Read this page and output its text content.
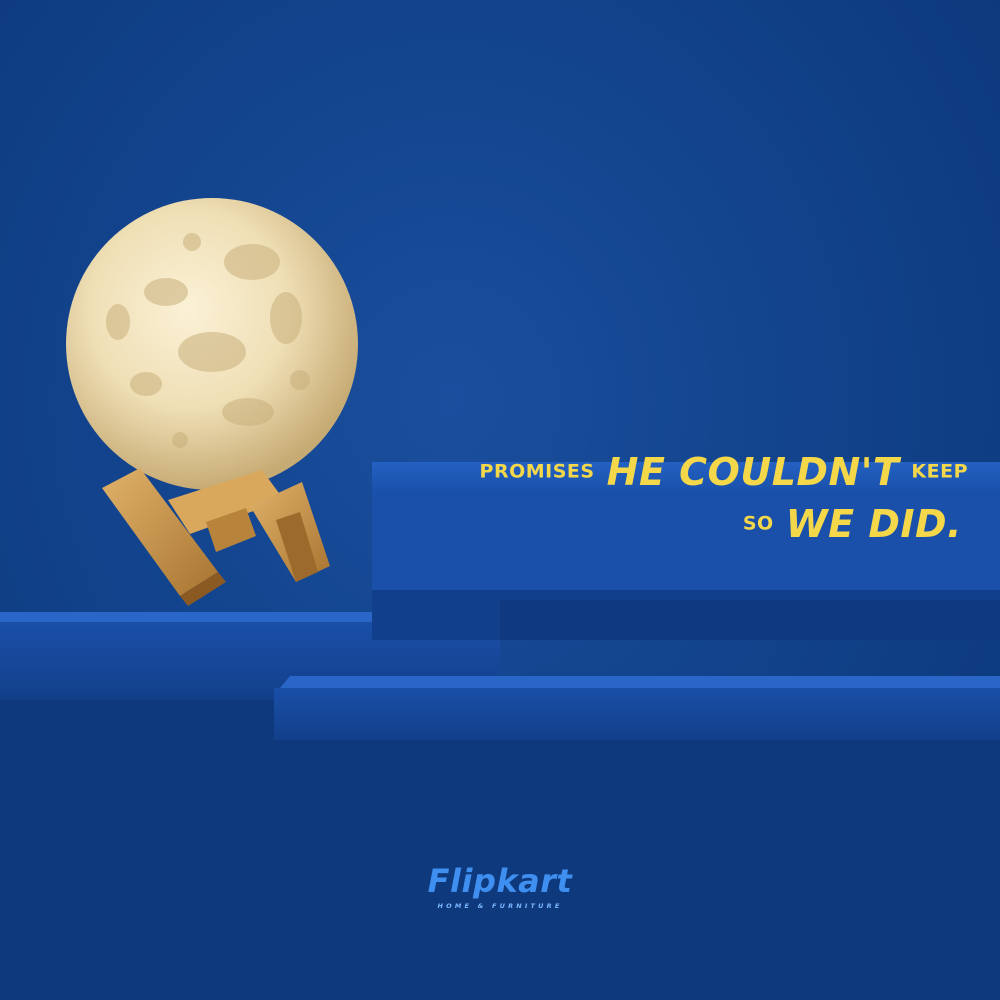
PROMISES HE COULDN'T KEEP
SO WE DID.
Flipkart
HOME & FURNITURE
